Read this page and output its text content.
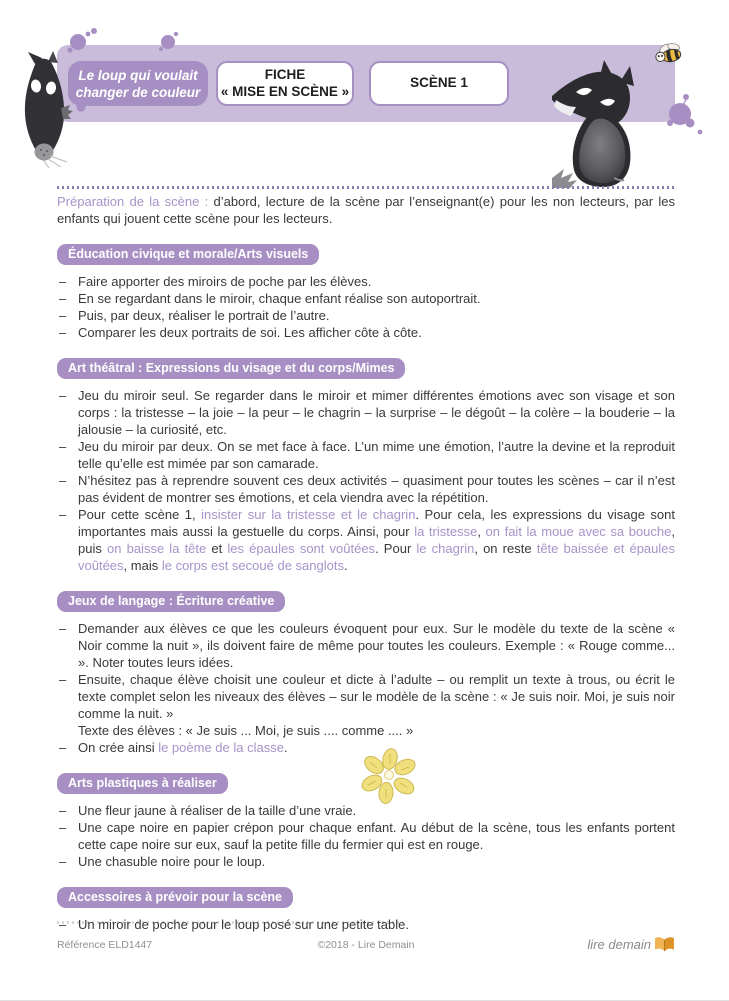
Le loup qui voulait
changer de couleur
FICHE
« MISE EN SCÈNE »
SCÈNE 1

Préparation de la scène : d’abord, lecture de la scène par l’enseignant(e) pour les non lecteurs, par les enfants qui jouent cette scène pour les lecteurs.

Éducation civique et morale/Arts visuels
– Faire apporter des miroirs de poche par les élèves.
– En se regardant dans le miroir, chaque enfant réalise son autoportrait.
– Puis, par deux, réaliser le portrait de l’autre.
– Comparer les deux portraits de soi. Les afficher côte à côte.
Art théâtral : Expressions du visage et du corps/Mimes
– Jeu du miroir seul. Se regarder dans le miroir et mimer différentes émotions avec son visage et son corps : la tristesse – la joie – la peur – le chagrin – la surprise – le dégoût – la colère – la bouderie – la jalousie – la curiosité, etc.
– Jeu du miroir par deux. On se met face à face. L’un mime une émotion, l’autre la devine et la reproduit telle qu’elle est mimée par son camarade.
– N’hésitez pas à reprendre souvent ces deux activités – quasiment pour toutes les scènes – car il n’est pas évident de montrer ses émotions, et cela viendra avec la répétition.
– Pour cette scène 1, insister sur la tristesse et le chagrin. Pour cela, les expressions du visage sont importantes mais aussi la gestuelle du corps. Ainsi, pour la tristesse, on fait la moue avec sa bouche, puis on baisse la tête et les épaules sont voûtées. Pour le chagrin, on reste tête baissée et épaules voûtées, mais le corps est secoué de sanglots.
Jeux de langage : Écriture créative
– Demander aux élèves ce que les couleurs évoquent pour eux. Sur le modèle du texte de la scène « Noir comme la nuit », ils doivent faire de même pour toutes les couleurs. Exemple : « Rouge comme... ». Noter toutes leurs idées.
– Ensuite, chaque élève choisit une couleur et dicte à l’adulte – ou remplit un texte à trous, ou écrit le texte complet selon les niveaux des élèves – sur le modèle de la scène : « Je suis noir. Moi, je suis noir comme la nuit. »
Texte des élèves : « Je suis ... Moi, je suis .... comme .... »
– On crée ainsi le poème de la classe.
Arts plastiques à réaliser
– Une fleur jaune à réaliser de la taille d’une vraie.
– Une cape noire en papier crépon pour chaque enfant. Au début de la scène, tous les enfants portent cette cape noire sur eux, sauf la petite fille du fermier qui est en rouge.
– Une chasuble noire pour le loup.
Accessoires à prévoir pour la scène
– Un miroir de poche pour le loup posé sur une petite table.
Référence ELD1447	©2018 - Lire Demain	lire demain
